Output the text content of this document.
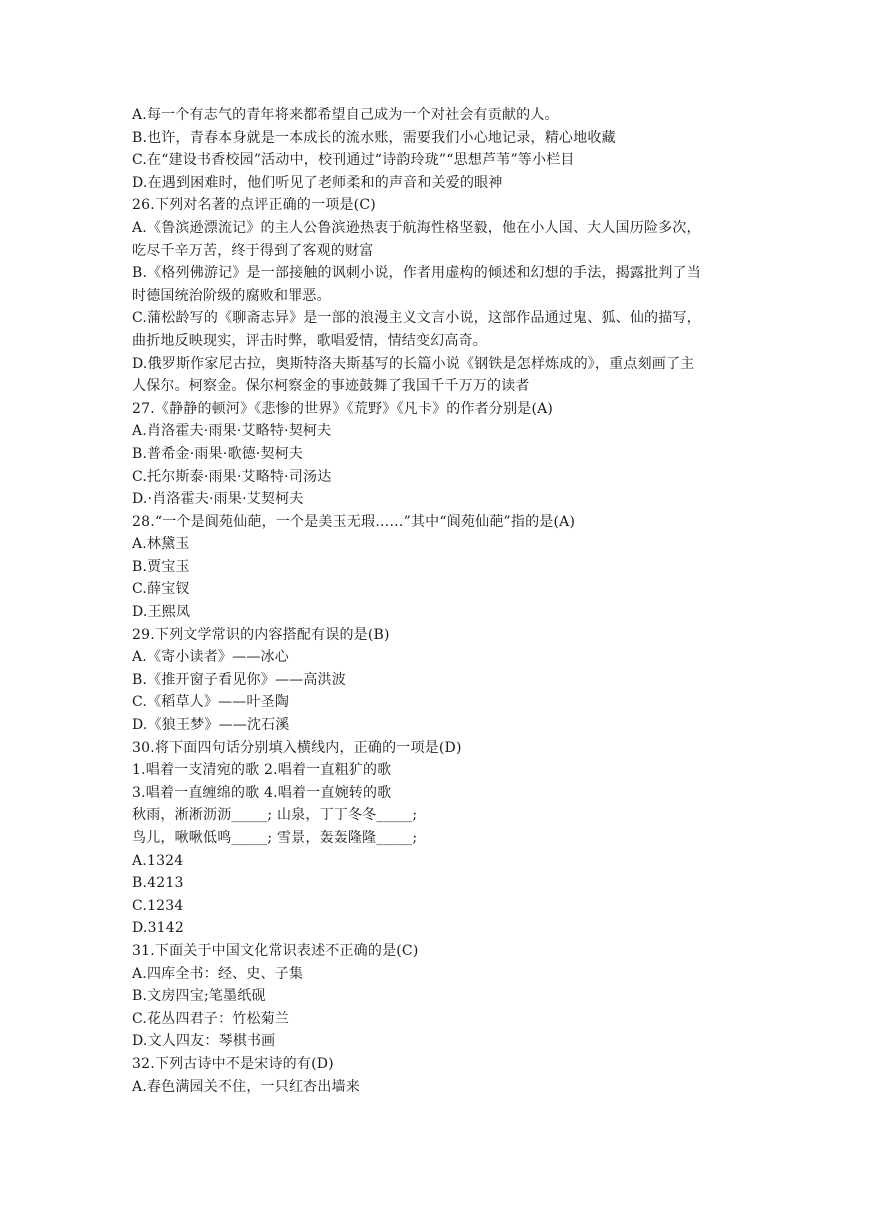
A.每一个有志气的青年将来都希望自己成为一个对社会有贡献的人。
B.也许，青春本身就是一本成长的流水账，需要我们小心地记录，精心地收藏
C.在“建设书香校园”活动中，校刊通过“诗韵玲珑”“思想芦苇”等小栏目
D.在遇到困难时，他们听见了老师柔和的声音和关爱的眼神
26.下列对名著的点评正确的一项是(C)
A.《鲁滨逊漂流记》的主人公鲁滨逊热衷于航海性格坚毅，他在小人国、大人国历险多次，
吃尽千辛万苦，终于得到了客观的财富
B.《格列佛游记》是一部接触的讽刺小说，作者用虚构的倾述和幻想的手法，揭露批判了当
时德国统治阶级的腐败和罪恶。
C.蒲松龄写的《聊斋志异》是一部的浪漫主义文言小说，这部作品通过鬼、狐、仙的描写，
曲折地反映现实，评击时弊，歌唱爱情，情结变幻高奇。
D.俄罗斯作家尼古拉，奥斯特洛夫斯基写的长篇小说《钢铁是怎样炼成的》，重点刻画了主
人保尔。柯察金。保尔柯察金的事迹鼓舞了我国千千万万的读者
27.《静静的顿河》《悲惨的世界》《荒野》《凡卡》的作者分别是(A)
A.肖洛霍夫·雨果·艾略特·契柯夫
B.普希金·雨果·歌德·契柯夫
C.托尔斯泰·雨果·艾略特·司汤达
D.·肖洛霍夫·雨果·艾契柯夫
28.“一个是阆苑仙葩，一个是美玉无瑕……”其中“阆苑仙葩”指的是(A)
A.林黛玉
B.贾宝玉
C.薛宝钗
D.王熙凤
29.下列文学常识的内容搭配有误的是(B)
A.《寄小读者》——冰心
B.《推开窗子看见你》——高洪波
C.《稻草人》——叶圣陶
D.《狼王梦》——沈石溪
30.将下面四句话分别填入横线内，正确的一项是(D)
1.唱着一支清宛的歌 2.唱着一直粗犷的歌
3.唱着一直缠绵的歌 4.唱着一直婉转的歌
秋雨，淅淅沥沥_____; 山泉，丁丁冬冬_____;
鸟儿，啾啾低鸣_____; 雪景，轰轰隆隆_____;
A.1324
B.4213
C.1234
D.3142
31.下面关于中国文化常识表述不正确的是(C)
A.四库全书：经、史、子集
B.文房四宝;笔墨纸砚
C.花丛四君子：竹松菊兰
D.文人四友：琴棋书画
32.下列古诗中不是宋诗的有(D)
A.春色满园关不住，一只红杏出墙来
